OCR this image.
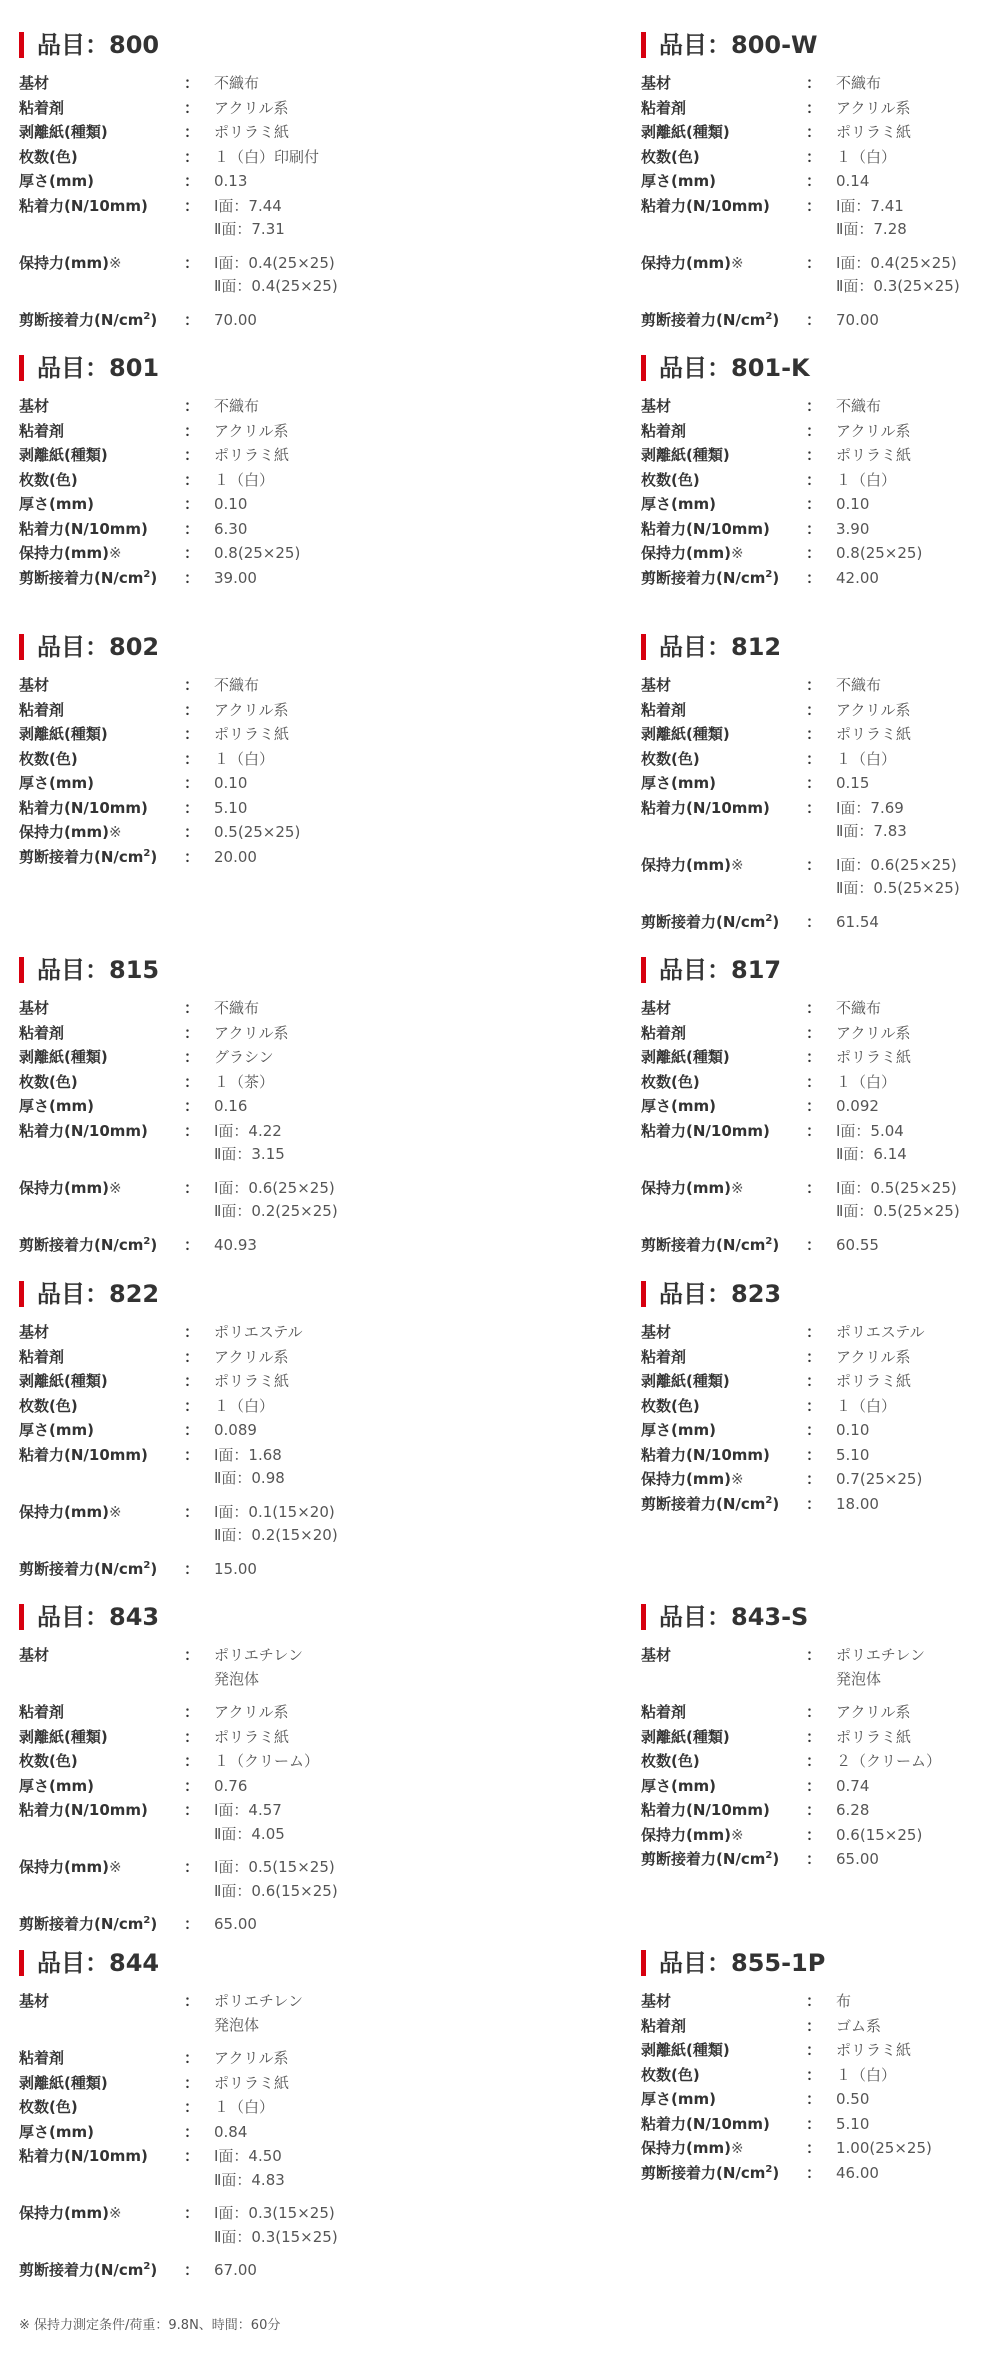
品目：800
基材	： 不織布
粘着剤	： アクリル系
剥離紙(種類)	： ポリラミ紙
枚数(色)	： １（白）印刷付
厚さ(mm)	： 0.13
粘着力(N/10mm)	： Ⅰ面：7.44
Ⅱ面：7.31
保持力(mm)※	： Ⅰ面：0.4(25×25)
Ⅱ面：0.4(25×25)
剪断接着力$(N/cm^2)$	： 70.00
品目：800-W
基材	： 不織布
粘着剤	： アクリル系
剥離紙(種類)	： ポリラミ紙
枚数(色)	： １（白）
厚さ(mm)	： 0.14
粘着力(N/10mm)	： Ⅰ面：7.41
Ⅱ面：7.28
保持力(mm)※	： Ⅰ面：0.4(25×25)
Ⅱ面：0.3(25×25)
剪断接着力$(N/cm^2)$	： 70.00
品目：801
基材	： 不織布
粘着剤	： アクリル系
剥離紙(種類)	： ポリラミ紙
枚数(色)	： １（白）
厚さ(mm)	： 0.10
粘着力(N/10mm)	： 6.30
保持力(mm)※	： 0.8(25×25)
剪断接着力$(N/cm^2)$	： 39.00
品目：801-K
基材	： 不織布
粘着剤	： アクリル系
剥離紙(種類)	： ポリラミ紙
枚数(色)	： １（白）
厚さ(mm)	： 0.10
粘着力(N/10mm)	： 3.90
保持力(mm)※	： 0.8(25×25)
剪断接着力$(N/cm^2)$	： 42.00
品目：802
基材	： 不織布
粘着剤	： アクリル系
剥離紙(種類)	： ポリラミ紙
枚数(色)	： １（白）
厚さ(mm)	： 0.10
粘着力(N/10mm)	： 5.10
保持力(mm)※	： 0.5(25×25)
剪断接着力$(N/cm^2)$	： 20.00
品目：812
基材	： 不織布
粘着剤	： アクリル系
剥離紙(種類)	： ポリラミ紙
枚数(色)	： １（白）
厚さ(mm)	： 0.15
粘着力(N/10mm)	： Ⅰ面：7.69
Ⅱ面：7.83
保持力(mm)※	： Ⅰ面：0.6(25×25)
Ⅱ面：0.5(25×25)
剪断接着力$(N/cm^2)$	： 61.54
品目：815
基材	： 不織布
粘着剤	： アクリル系
剥離紙(種類)	： グラシン
枚数(色)	： １（茶）
厚さ(mm)	： 0.16
粘着力(N/10mm)	： Ⅰ面：4.22
Ⅱ面：3.15
保持力(mm)※	： Ⅰ面：0.6(25×25)
Ⅱ面：0.2(25×25)
剪断接着力$(N/cm^2)$	： 40.93
品目：817
基材	： 不織布
粘着剤	： アクリル系
剥離紙(種類)	： ポリラミ紙
枚数(色)	： １（白）
厚さ(mm)	： 0.092
粘着力(N/10mm)	： Ⅰ面：5.04
Ⅱ面：6.14
保持力(mm)※	： Ⅰ面：0.5(25×25)
Ⅱ面：0.5(25×25)
剪断接着力$(N/cm^2)$	： 60.55
品目：822
基材	： ポリエステル
粘着剤	： アクリル系
剥離紙(種類)	： ポリラミ紙
枚数(色)	： １（白）
厚さ(mm)	： 0.089
粘着力(N/10mm)	： Ⅰ面：1.68
Ⅱ面：0.98
保持力(mm)※	： Ⅰ面：0.1(15×20)
Ⅱ面：0.2(15×20)
剪断接着力$(N/cm^2)$	： 15.00
品目：823
基材	： ポリエステル
粘着剤	： アクリル系
剥離紙(種類)	： ポリラミ紙
枚数(色)	： １（白）
厚さ(mm)	： 0.10
粘着力(N/10mm)	： 5.10
保持力(mm)※	： 0.7(25×25)
剪断接着力$(N/cm^2)$	： 18.00
品目：843
基材	： ポリエチレン
発泡体
粘着剤	： アクリル系
剥離紙(種類)	： ポリラミ紙
枚数(色)	： １（クリーム）
厚さ(mm)	： 0.76
粘着力(N/10mm)	： Ⅰ面：4.57
Ⅱ面：4.05
保持力(mm)※	： Ⅰ面：0.5(15×25)
Ⅱ面：0.6(15×25)
剪断接着力$(N/cm^2)$	： 65.00
品目：843-S
基材	： ポリエチレン
発泡体
粘着剤	： アクリル系
剥離紙(種類)	： ポリラミ紙
枚数(色)	： ２（クリーム）
厚さ(mm)	： 0.74
粘着力(N/10mm)	： 6.28
保持力(mm)※	： 0.6(15×25)
剪断接着力$(N/cm^2)$	： 65.00
品目：844
基材	： ポリエチレン
発泡体
粘着剤	： アクリル系
剥離紙(種類)	： ポリラミ紙
枚数(色)	： １（白）
厚さ(mm)	： 0.84
粘着力(N/10mm)	： Ⅰ面：4.50
Ⅱ面：4.83
保持力(mm)※	： Ⅰ面：0.3(15×25)
Ⅱ面：0.3(15×25)
剪断接着力$(N/cm^2)$	： 67.00
品目：855-1P
基材	： 布
粘着剤	： ゴム系
剥離紙(種類)	： ポリラミ紙
枚数(色)	： １（白）
厚さ(mm)	： 0.50
粘着力(N/10mm)	： 5.10
保持力(mm)※	： 1.00(25×25)
剪断接着力$(N/cm^2)$	： 46.00
※ 保持力測定条件/荷重：9.8N、時間：60分
